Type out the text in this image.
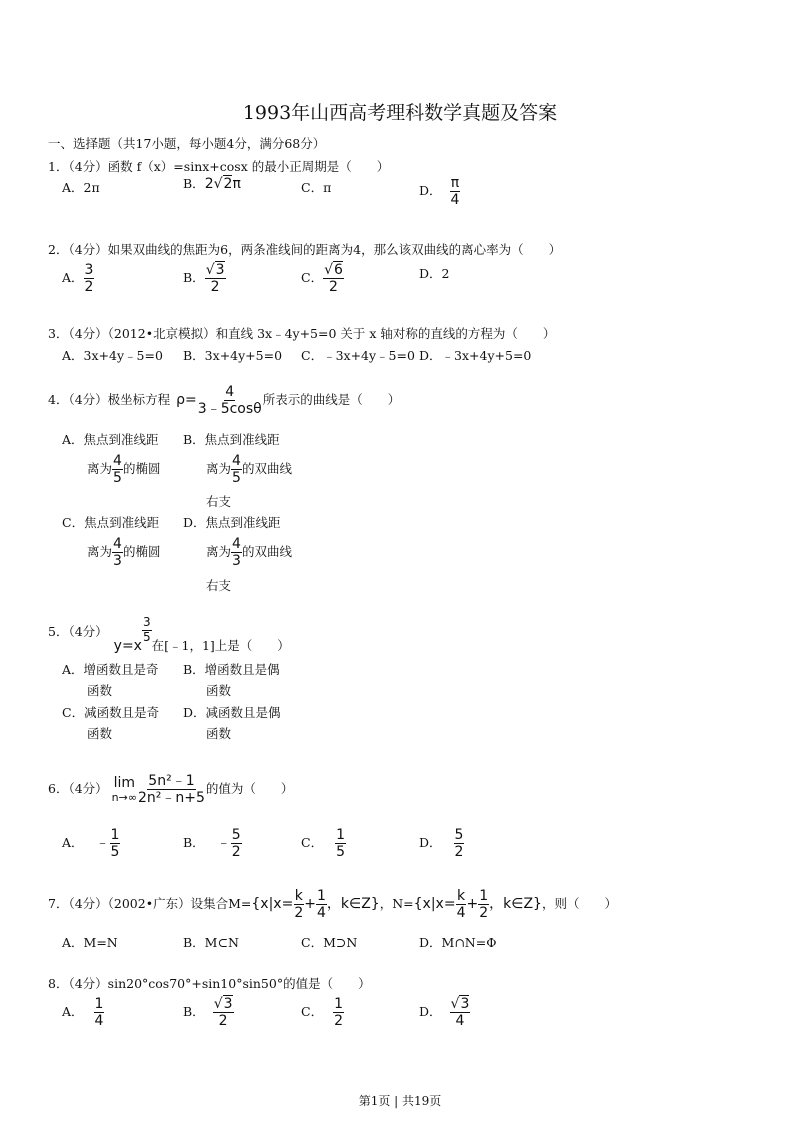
1993年山西高考理科数学真题及答案
一、选择题（共17小题，每小题4分，满分68分）
1．（4分）函数 f（x）=sinx+cosx 的最小正周期是（　　）
A．2π	B．2√2π	C．π	D． $\frac{\pi}{4}$
2．（4分）如果双曲线的焦距为6，两条准线间的距离为4，那么该双曲线的离心率为（　　）
A． $\frac{3}{2}$	B． $\frac{√3}{2}$	C． $\frac{√6}{2}$	D．2
3．（4分）（2012•北京模拟）和直线 3x﹣4y+5=0 关于 x 轴对称的直线的方程为（　　）
A．3x+4y﹣5=0 B．3x+4y+5=0 C．﹣3x+4y﹣5=0 D．﹣3x+4y+5=0
4．（4分）极坐标方程 $\rho= \frac{4}{3﹣5\cos\theta}$ 所表示的曲线是（　　）
A．焦点到准线距
离为 $\frac{4}{5}$ 的椭圆
B．焦点到准线距
离为 $\frac{4}{5}$ 的双曲线
右支
C．焦点到准线距
离为 $\frac{4}{3}$ 的椭圆
D．焦点到准线距
离为 $\frac{4}{3}$ 的双曲线
右支
5．（4分）y=x
$\frac{3}{5}$
在[﹣1，1]上是（　　）
A．增函数且是奇
函数
B．增函数且是偶
函数
C．减函数且是奇
函数
D．减函数且是偶
函数
6．（4分） lim
$n\to\infty \frac{\text{5n²﹣1}}{\text{2n²﹣n+5}}$ 的值为（　　）
A． ﹣ $\frac{1}{5}$	B． ﹣ $\frac{5}{2}$	C． $\frac{1}{5}$	D． $\frac{5}{2}$
7．（4分）（2002•广东）设集合$M=\{x|x= \frac{k}{2} + \frac{1}{4}$ ，k∈Z}，$N=\{x|x= \frac{k}{4} + \frac{1}{2}$ ，k∈Z}，则（　　）
A．M=N	B．M⊂N	C．M⊃N	D．M∩N=Φ
8．（4分）sin20°cos70°+sin10°sin50°的值是（　　）
A． $\frac{1}{4}$	B． $\frac{√3}{2}$	C． $\frac{1}{2}$	D． $\frac{√3}{4}$
第1页 | 共19页
